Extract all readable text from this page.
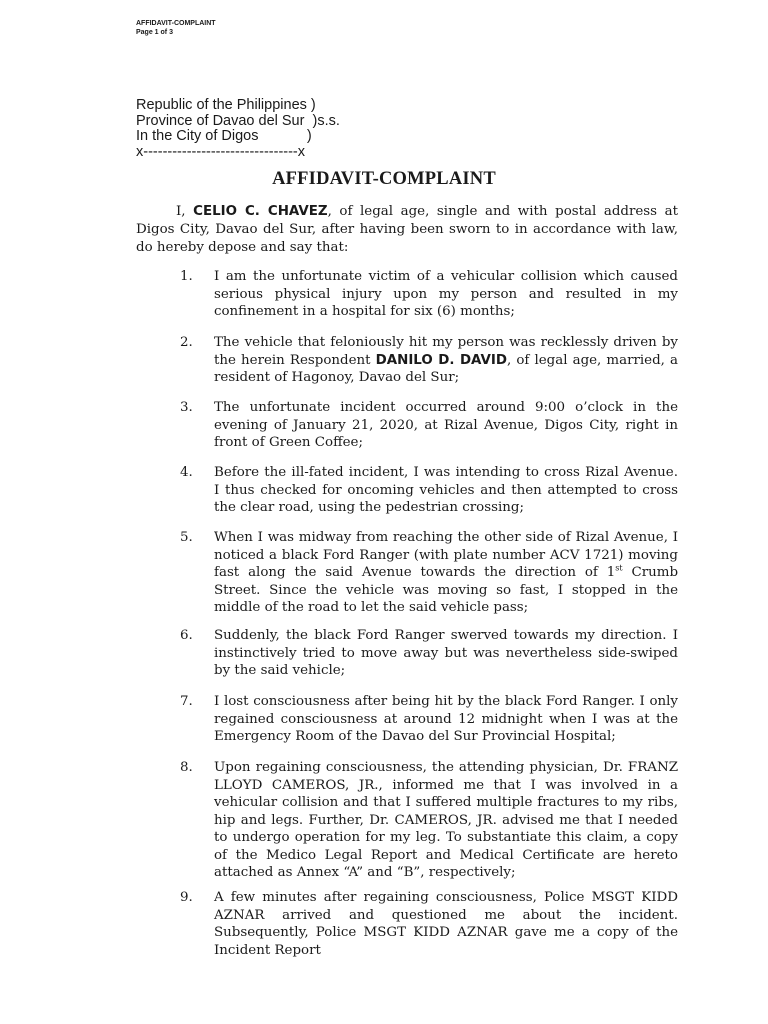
AFFIDAVIT-COMPLAINT
Page 1 of 3
Republic of the Philippines )
Province of Davao del Sur  )s.s.
In the City of Digos            )
x--------------------------------x
AFFIDAVIT-COMPLAINT
I, CELIO C. CHAVEZ, of legal age, single and with postal address at Digos City, Davao del Sur, after having been sworn to in accordance with law, do hereby depose and say that:
1. I am the unfortunate victim of a vehicular collision which caused serious physical injury upon my person and resulted in my confinement in a hospital for six (6) months;
2. The vehicle that feloniously hit my person was recklessly driven by the herein Respondent DANILO D. DAVID, of legal age, married, a resident of Hagonoy, Davao del Sur;
3. The unfortunate incident occurred around 9:00 o’clock in the evening of January 21, 2020, at Rizal Avenue, Digos City, right in front of Green Coffee;
4. Before the ill-fated incident, I was intending to cross Rizal Avenue. I thus checked for oncoming vehicles and then attempted to cross the clear road, using the pedestrian crossing;
5. When I was midway from reaching the other side of Rizal Avenue, I noticed a black Ford Ranger (with plate number ACV 1721) moving fast along the said Avenue towards the direction of 1st Crumb Street. Since the vehicle was moving so fast, I stopped in the middle of the road to let the said vehicle pass;
6. Suddenly, the black Ford Ranger swerved towards my direction. I instinctively tried to move away but was nevertheless side-swiped by the said vehicle;
7. I lost consciousness after being hit by the black Ford Ranger. I only regained consciousness at around 12 midnight when I was at the Emergency Room of the Davao del Sur Provincial Hospital;
8. Upon regaining consciousness, the attending physician, Dr. FRANZ LLOYD CAMEROS, JR., informed me that I was involved in a vehicular collision and that I suffered multiple fractures to my ribs, hip and legs. Further, Dr. CAMEROS, JR. advised me that I needed to undergo operation for my leg. To substantiate this claim, a copy of the Medico Legal Report and Medical Certificate are hereto attached as Annex “A” and “B”, respectively;
9. A few minutes after regaining consciousness, Police MSGT KIDD AZNAR arrived and questioned me about the incident. Subsequently, Police MSGT KIDD AZNAR gave me a copy of the Incident Report
